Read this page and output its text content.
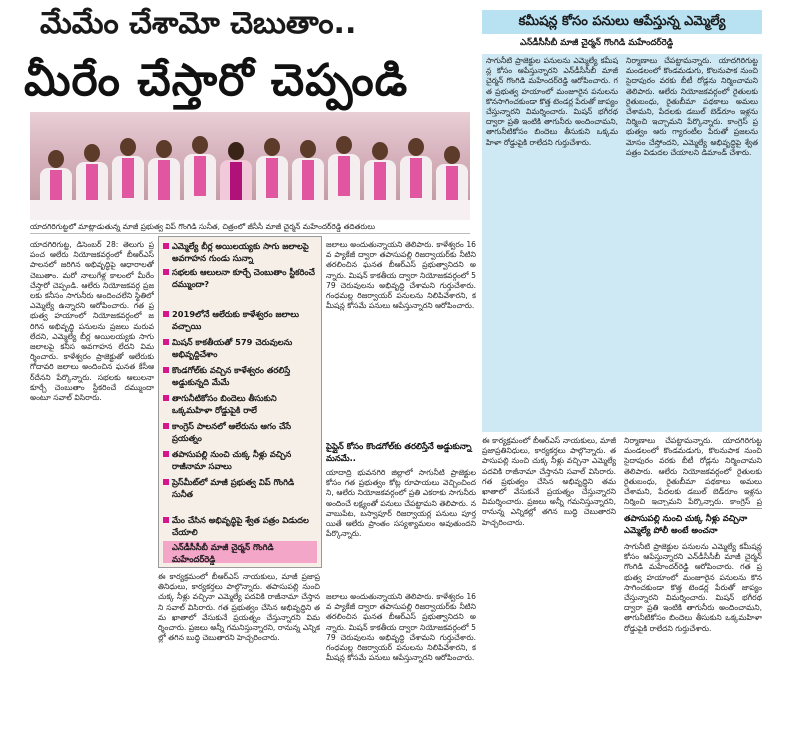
మేమేం చేశామో చెబుతాం..
మీరేం చేస్తారో చెప్పండి
యాదగిరిగుట్టలో మాట్లాడుతున్న మాజీ ప్రభుత్వ విప్ గొంగిడి సునీత, చిత్రంలో జీసీసీ మాజీ చైర్మన్ మహేందర్‌రెడ్డి తదితరులు
కమీషన్ల కోసం పనులు ఆపేస్తున్న ఎమ్మెల్యే
ఎన్‌డీసీసీబీ మాజీ చైర్మన్ గొంగిడి మహేందర్‌రెడ్డి
సాగునీటి ప్రాజెక్టుల పనులను ఎమ్మెల్యే కమీషన్ల కోసం ఆపేస్తున్నారని ఎన్‌డీసీసీబీ మాజీ చైర్మన్ గొంగిడి మహేందర్‌రెడ్డి ఆరోపించారు. గత ప్రభుత్వ హయాంలో మంజూరైన పనులను కొనసాగించకుండా కొత్త టెండర్ల పేరుతో జాప్యం చేస్తున్నారని విమర్శించారు. మిషన్ భగీరథ ద్వారా ప్రతి ఇంటికి తాగునీరు అందించామని, తాగునీటికోసం బిందెలు తీసుకుని ఒక్కమహిళా రోడ్డుపైకి రాలేదని గుర్తుచేశారు.
నిర్మాణాలు చేపట్టామన్నారు. యాదగిరిగుట్ట మండలంలో కొండమడుగు, కొలనుపాక నుంచి సైదాపురం వరకు బీటీ రోడ్లను నిర్మించామని తెలిపారు. ఆలేరు నియోజకవర్గంలో రైతులకు రైతుబంధు, రైతుబీమా పథకాలు అమలు చేశామని, పేదలకు డబుల్ బెడ్‌రూం ఇళ్లను నిర్మించి ఇచ్చామని పేర్కొన్నారు. కాంగ్రెస్ ప్రభుత్వం ఆరు గ్యారంటీల పేరుతో ప్రజలను మోసం చేస్తోందని, ఎమ్మెల్యే అభివృద్ధిపై శ్వేత పత్రం విడుదల చేయాలని డిమాండ్ చేశారు.
యాదగిరిగుట్ట, డిసెంబర్ 28: తెలుగు ప్రపంచ ఆలేరు నియోజకవర్గంలో బీఆర్ఎస్ పాలనలో జరిగిన అభివృద్ధిపై ఆధారాలతో చెబుతాం. మరో నాలుగేళ్ల కాలంలో మీరేం చేస్తారో చెప్పండి. ఆలేరు నియోజకవర్గ ప్రజలకు కనీసం సాగునీరు అందించలేని స్థితిలో ఎమ్మెల్యే ఉన్నారని ఆరోపించారు. గత ప్రభుత్వ హయాంలో నియోజకవర్గంలో జరిగిన అభివృద్ధి పనులను ప్రజలు మరువలేదని, ఎమ్మెల్యే బీర్ల అయిలయ్యకు సాగు జలాలపై కనీస అవగాహన లేదని విమర్శించారు. కాళేశ్వరం ప్రాజెక్టుతో ఆలేరుకు గోదావరి జలాలు అందించిన ఘనత కేసీఆర్‌దేనని పేర్కొన్నారు. సభలకు ఆలులనా కూర్చే చెంబుతాం స్టీకరించే దమ్ముందా అంటూ సవాల్ విసిరారు.
ఎమ్మెల్యే బీర్ల అయిలయ్యకు సాగు జలాలపై అవగాహన గుండు సున్నా
సభలకు ఆలులనా కూర్చే చెంబుతాం స్టీకరించే దమ్ముందా?
2019లోనే ఆలేరుకు కాళేశ్వరం జలాలు వచ్చాయి
మిషన్ కాకతీయతో 579 చెరువులను అభివృద్ధిచేశాం
కొండగోల్‌కు వచ్చిన కాళేశ్వరం తరలిస్తే అడ్డుకున్నది మేమే
తాగునీటికోసం బిందెలు తీసుకుని ఒక్కమహిళా రోడ్డుపైకి రాలే
కాంగ్రెస్ పాలనలో ఆలేరును ఆగం చేసే ప్రయత్నం
తపాసుపల్లి నుంచి చుక్క నీళ్లు వచ్చిన రాజీనామా సవాలు
ప్రెస్‌మీట్‌లో మాజీ ప్రభుత్వ విప్ గొంగిడి సునీత
మేం చేసిన అభివృద్ధిపై శ్వేత పత్రం విడుదల చేయాలి
ఎన్‌డీసీసీబీ మాజీ చైర్మన్ గొంగిడి మహేందర్‌రెడ్డి
జలాలు అందుతున్నాయని తెలిపారు. కాళేశ్వరం 16వ ప్యాకేజీ ద్వారా తపాసుపల్లి రిజర్వాయర్‌కు నీటిని తరలించిన ఘనత బీఆర్ఎస్ ప్రభుత్వానిదని అన్నారు. మిషన్ కాకతీయ ద్వారా నియోజకవర్గంలో 579 చెరువులను అభివృద్ధి చేశామని గుర్తుచేశారు. గంధమల్ల రిజర్వాయర్ పనులను నిలిపివేశారని, కమీషన్ల కోసమే పనులు ఆపేస్తున్నారని ఆరోపించారు.
పైప్లైన్ కోసం కొండగోల్‌కు తరలిస్తేనే అడ్డుకున్నా మనమే..
యాదాద్రి భువనగిరి జిల్లాలో సాగునీటి ప్రాజెక్టుల కోసం గత ప్రభుత్వం కోట్ల రూపాయలు వెచ్చించిందని, ఆలేరు నియోజకవర్గంలో ప్రతి ఎకరాకు సాగునీరు అందించే లక్ష్యంతో పనులు చేపట్టామని తెలిపారు. నవాబుపేట, బస్వాపూర్ రిజర్వాయర్ల పనులు పూర్తయితే ఆలేరు ప్రాంతం సస్యశ్యామలం అవుతుందని పేర్కొన్నారు.
ఈ కార్యక్రమంలో బీఆర్ఎస్ నాయకులు, మాజీ ప్రజాప్రతినిధులు, కార్యకర్తలు పాల్గొన్నారు. తపాసుపల్లి నుంచి చుక్క నీళ్లు వచ్చినా ఎమ్మెల్యే పదవికి రాజీనామా చేస్తానని సవాల్ విసిరారు. గత ప్రభుత్వం చేసిన అభివృద్ధిని తమ ఖాతాలో వేసుకునే ప్రయత్నం చేస్తున్నారని విమర్శించారు. ప్రజలు అన్నీ గమనిస్తున్నారని, రానున్న ఎన్నికల్లో తగిన బుద్ధి చెబుతారని హెచ్చరించారు.
జలాలు అందుతున్నాయని తెలిపారు. కాళేశ్వరం 16వ ప్యాకేజీ ద్వారా తపాసుపల్లి రిజర్వాయర్‌కు నీటిని తరలించిన ఘనత బీఆర్ఎస్ ప్రభుత్వానిదని అన్నారు. మిషన్ కాకతీయ ద్వారా నియోజకవర్గంలో 579 చెరువులను అభివృద్ధి చేశామని గుర్తుచేశారు. గంధమల్ల రిజర్వాయర్ పనులను నిలిపివేశారని, కమీషన్ల కోసమే పనులు ఆపేస్తున్నారని ఆరోపించారు.
ఈ కార్యక్రమంలో బీఆర్ఎస్ నాయకులు, మాజీ ప్రజాప్రతినిధులు, కార్యకర్తలు పాల్గొన్నారు. తపాసుపల్లి నుంచి చుక్క నీళ్లు వచ్చినా ఎమ్మెల్యే పదవికి రాజీనామా చేస్తానని సవాల్ విసిరారు. గత ప్రభుత్వం చేసిన అభివృద్ధిని తమ ఖాతాలో వేసుకునే ప్రయత్నం చేస్తున్నారని విమర్శించారు. ప్రజలు అన్నీ గమనిస్తున్నారని, రానున్న ఎన్నికల్లో తగిన బుద్ధి చెబుతారని హెచ్చరించారు.
నిర్మాణాలు చేపట్టామన్నారు. యాదగిరిగుట్ట మండలంలో కొండమడుగు, కొలనుపాక నుంచి సైదాపురం వరకు బీటీ రోడ్లను నిర్మించామని తెలిపారు. ఆలేరు నియోజకవర్గంలో రైతులకు రైతుబంధు, రైతుబీమా పథకాలు అమలు చేశామని, పేదలకు డబుల్ బెడ్‌రూం ఇళ్లను నిర్మించి ఇచ్చామని పేర్కొన్నారు. కాంగ్రెస్ ప్ర
తపాసుపల్లి నుంచి చుక్క నీళ్లు వచ్చినా ఎమ్మెల్యే పోలీ అంటే అంచనా
సాగునీటి ప్రాజెక్టుల పనులను ఎమ్మెల్యే కమీషన్ల కోసం ఆపేస్తున్నారని ఎన్‌డీసీసీబీ మాజీ చైర్మన్ గొంగిడి మహేందర్‌రెడ్డి ఆరోపించారు. గత ప్రభుత్వ హయాంలో మంజూరైన పనులను కొనసాగించకుండా కొత్త టెండర్ల పేరుతో జాప్యం చేస్తున్నారని విమర్శించారు. మిషన్ భగీరథ ద్వారా ప్రతి ఇంటికి తాగునీరు అందించామని, తాగునీటికోసం బిందెలు తీసుకుని ఒక్కమహిళా రోడ్డుపైకి రాలేదని గుర్తుచేశారు.
